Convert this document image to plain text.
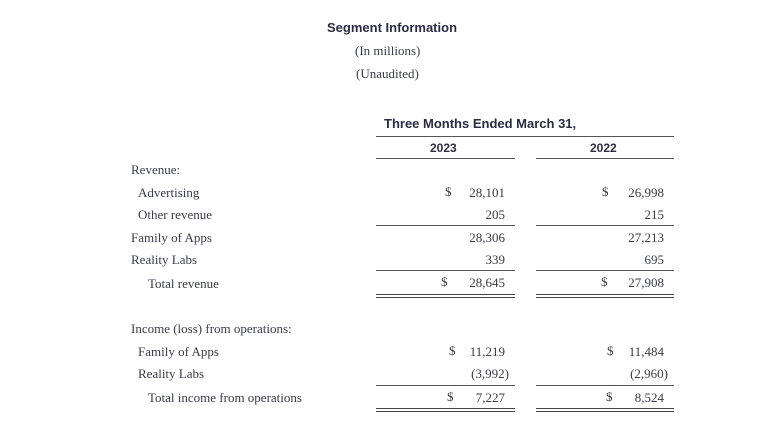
Segment Information
(In millions)
(Unaudited)
Three Months Ended March 31,
2023	2022
Revenue:
Advertising	$	28,101	$	26,998
Other revenue	205	215
Family of Apps	28,306	27,213
Reality Labs	339	695
Total revenue	$	28,645	$	27,908
Income (loss) from operations:
Family of Apps	$	11,219	$	11,484
Reality Labs	(3,992)	(2,960)
Total income from operations	$	7,227	$	8,524
